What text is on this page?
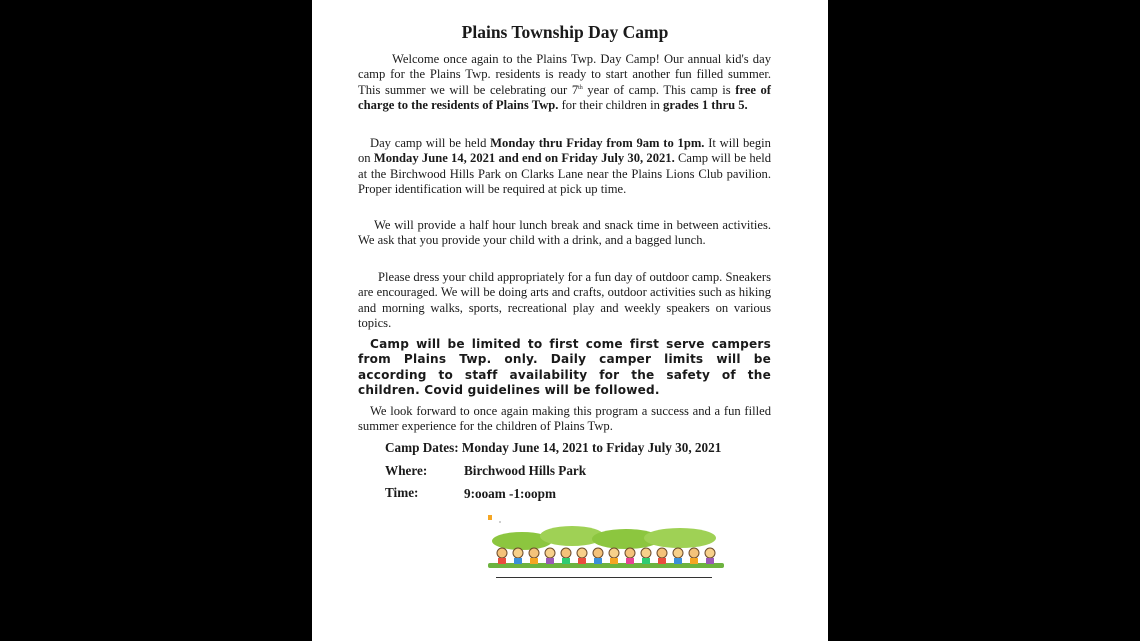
Plains Township Day Camp

Welcome once again to the Plains Twp. Day Camp! Our annual kid's day camp for the Plains Twp. residents is ready to start another fun filled summer. This summer we will be celebrating our 7th year of camp. This camp is free of charge to the residents of Plains Twp. for their children in grades 1 thru 5.

Day camp will be held Monday thru Friday from 9am to 1pm. It will begin on Monday June 14, 2021 and end on Friday July 30, 2021. Camp will be held at the Birchwood Hills Park on Clarks Lane near the Plains Lions Club pavilion. Proper identification will be required at pick up time.

We will provide a half hour lunch break and snack time in between activities. We ask that you provide your child with a drink, and a bagged lunch.

Please dress your child appropriately for a fun day of outdoor camp. Sneakers are encouraged. We will be doing arts and crafts, outdoor activities such as hiking and morning walks, sports, recreational play and weekly speakers on various topics.

Camp will be limited to first come first serve campers from Plains Twp. only. Daily camper limits will be according to staff availability for the safety of the children. Covid guidelines will be followed.

We look forward to once again making this program a success and a fun filled summer experience for the children of Plains Twp.

Camp Dates: Monday June 14, 2021 to Friday July 30, 2021
Where:	Birchwood Hills Park
Time:	9:ooam -1:oopm
